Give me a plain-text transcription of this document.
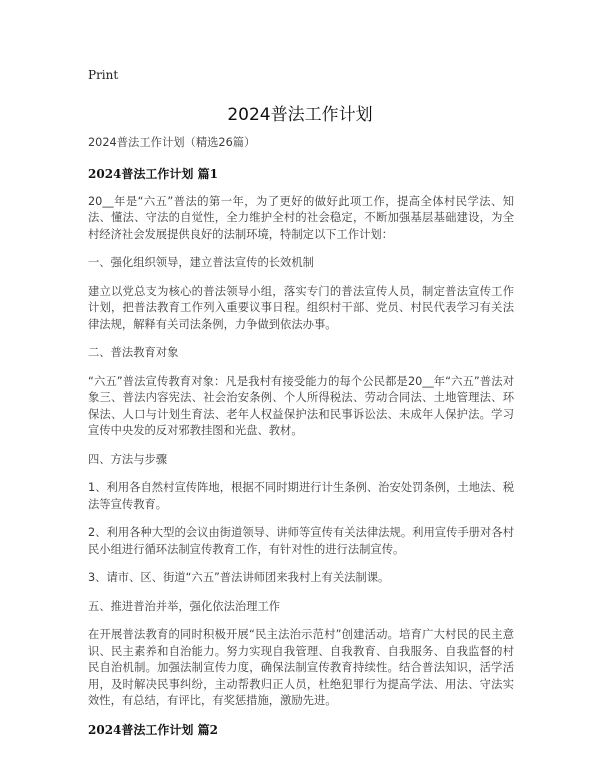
Print
2024普法工作计划

2024普法工作计划（精选26篇）

2024普法工作计划 篇1

20__年是“六五”普法的第一年，为了更好的做好此项工作，提高全体村民学法、知法、懂法、守法的自觉性，全力维护全村的社会稳定，不断加强基层基础建设，为全村经济社会发展提供良好的法制环境，特制定以下工作计划：

一、强化组织领导，建立普法宣传的长效机制

建立以党总支为核心的普法领导小组，落实专门的普法宣传人员，制定普法宣传工作计划，把普法教育工作列入重要议事日程。组织村干部、党员、村民代表学习有关法律法规，解释有关司法条例，力争做到依法办事。

二、普法教育对象

“六五”普法宣传教育对象：凡是我村有接受能力的每个公民都是20__年“六五”普法对象三、普法内容宪法、社会治安条例、个人所得税法、劳动合同法、土地管理法、环保法、人口与计划生育法、老年人权益保护法和民事诉讼法、未成年人保护法。学习宣传中央发的反对邪教挂图和光盘、教材。

四、方法与步骤

1、利用各自然村宣传阵地，根据不同时期进行计生条例、治安处罚条例，土地法、税法等宣传教育。

2、利用各种大型的会议由街道领导、讲师等宣传有关法律法规。利用宣传手册对各村民小组进行循环法制宣传教育工作，有针对性的进行法制宣传。

3、请市、区、街道“六五”普法讲师团来我村上有关法制课。

五、推进普治并举，强化依法治理工作

在开展普法教育的同时积极开展“民主法治示范村”创建活动。培育广大村民的民主意识、民主素养和自治能力。努力实现自我管理、自我教育、自我服务、自我监督的村民自治机制。加强法制宣传力度，确保法制宣传教育持续性。结合普法知识，活学活用，及时解决民事纠纷，主动帮教归正人员，杜绝犯罪行为提高学法、用法、守法实效性，有总结，有评比，有奖惩措施，激励先进。

2024普法工作计划 篇2
